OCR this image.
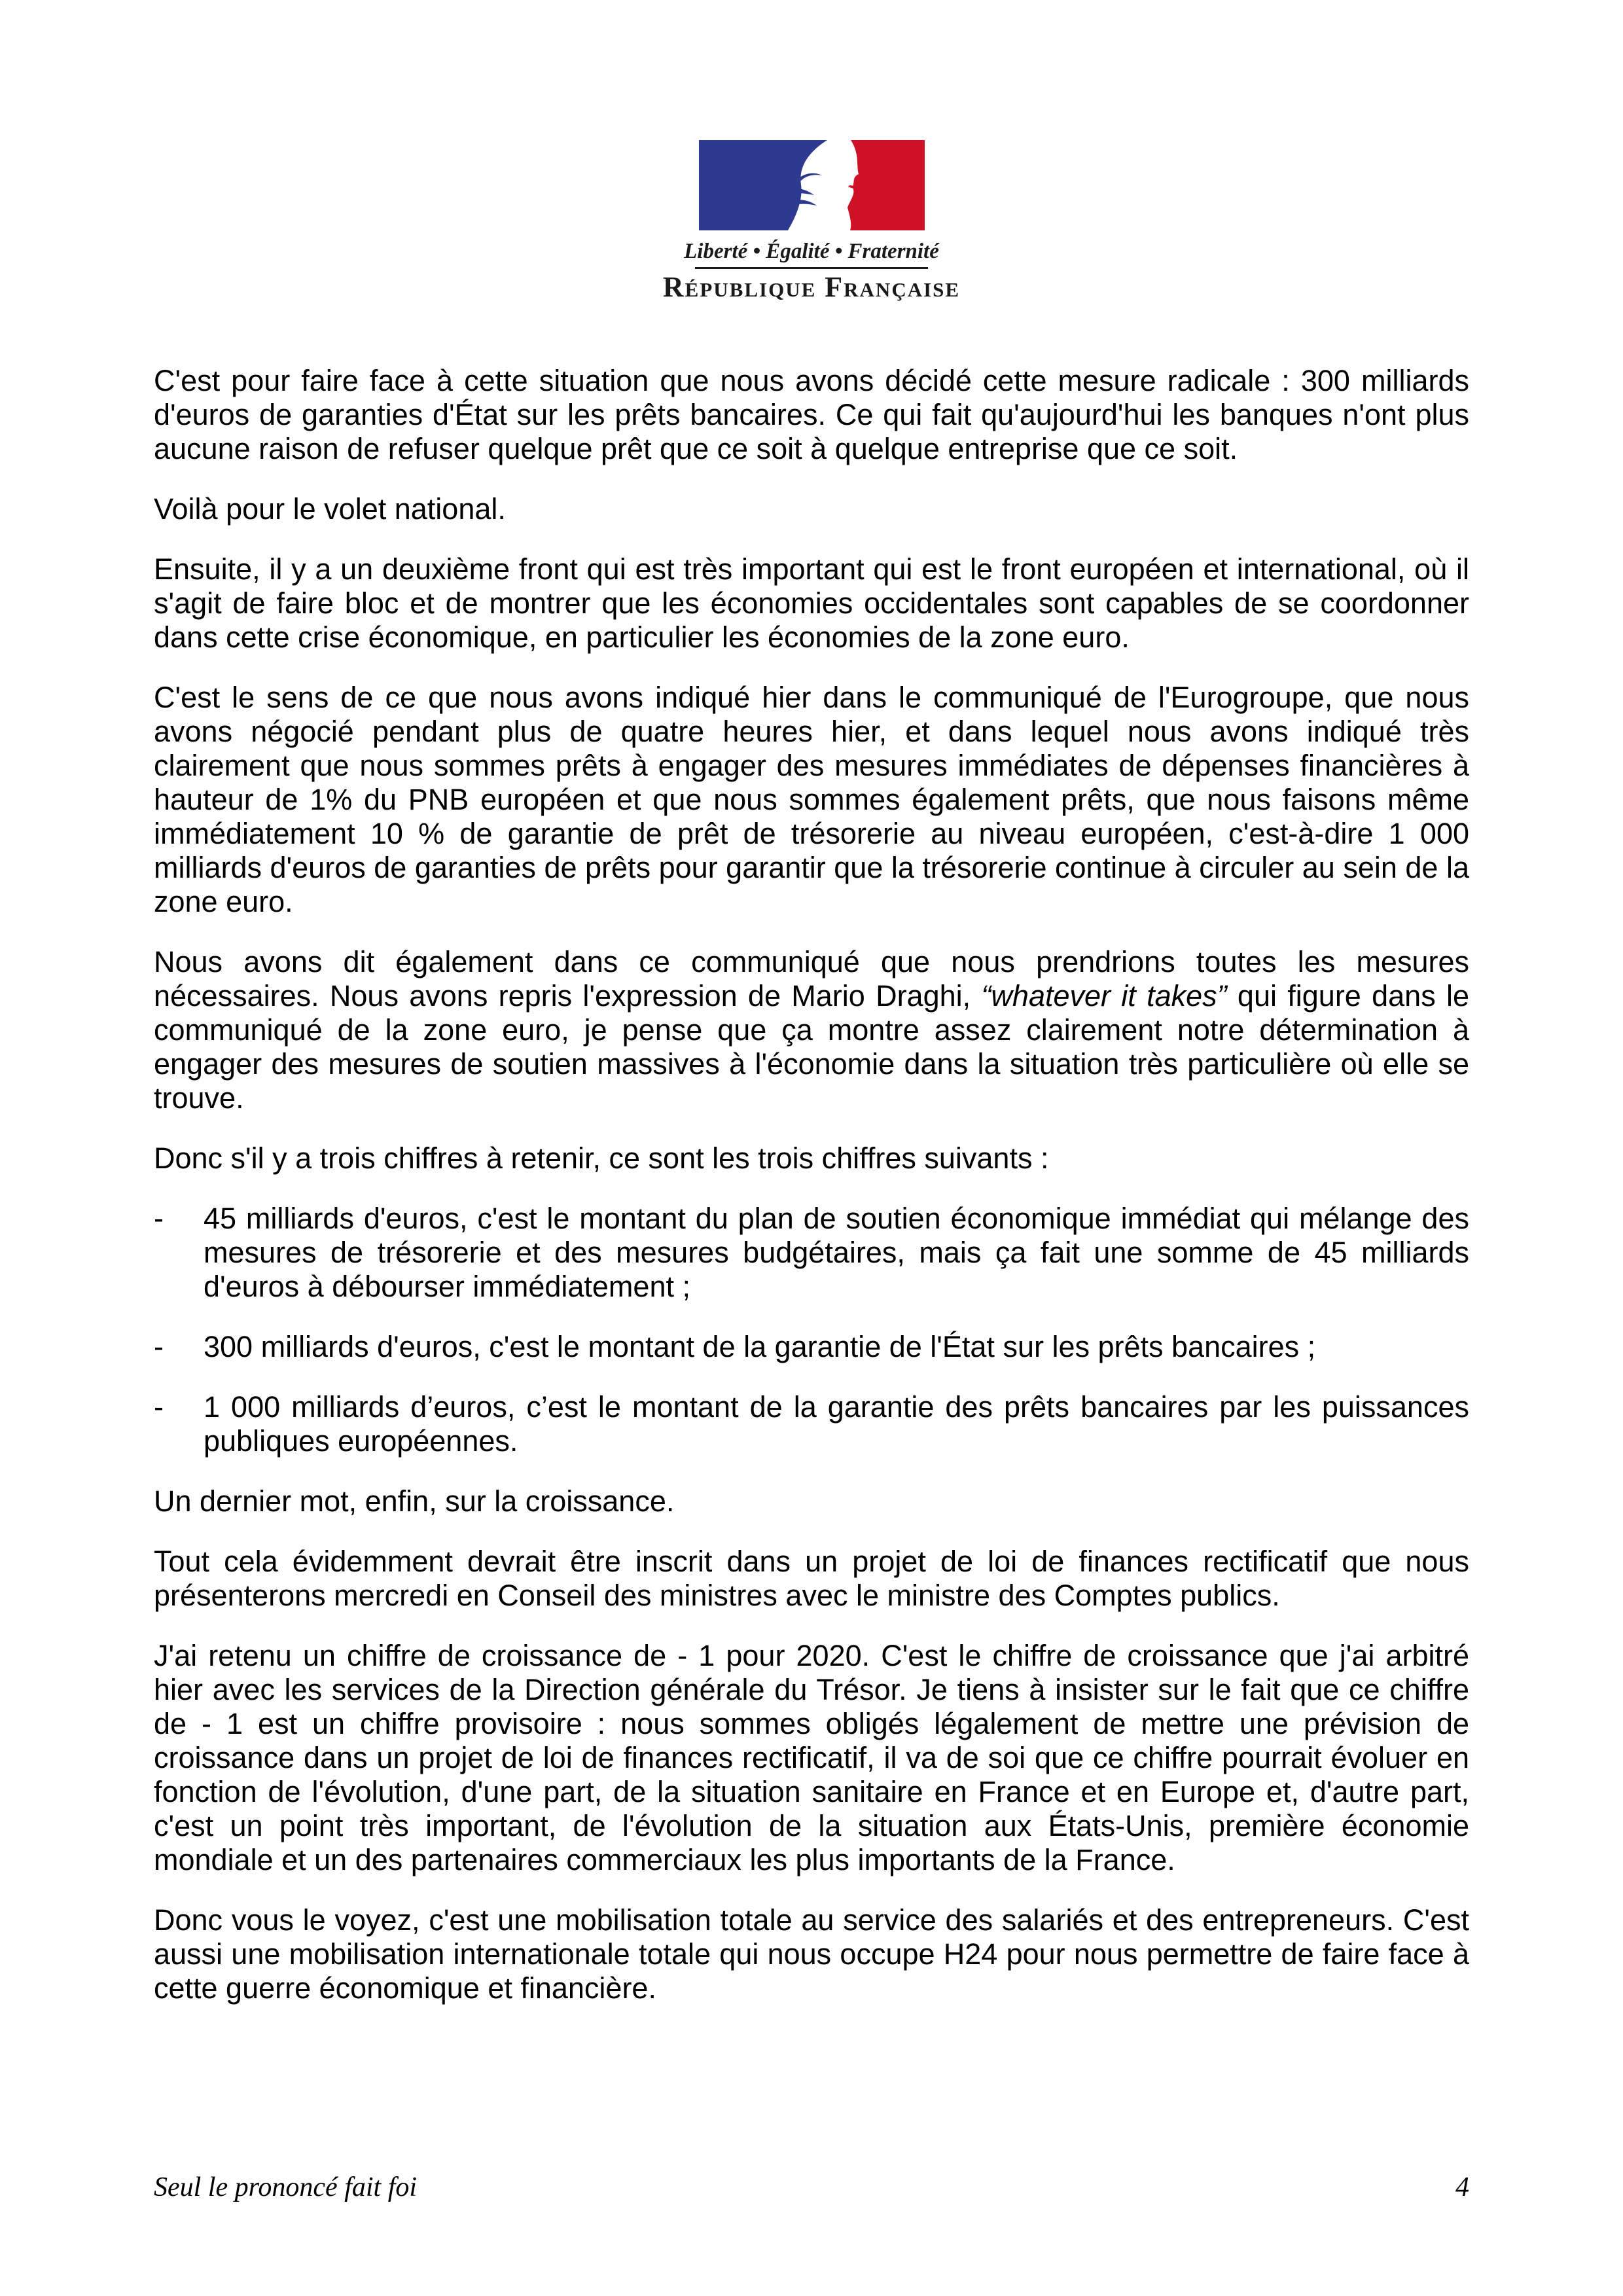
Liberté • Égalité • Fraternité
République Française

C'est pour faire face à cette situation que nous avons décidé cette mesure radicale : 300 milliards d'euros de garanties d'État sur les prêts bancaires. Ce qui fait qu'aujourd'hui les banques n'ont plus aucune raison de refuser quelque prêt que ce soit à quelque entreprise que ce soit.

Voilà pour le volet national.

Ensuite, il y a un deuxième front qui est très important qui est le front européen et international, où il s'agit de faire bloc et de montrer que les économies occidentales sont capables de se coordonner dans cette crise économique, en particulier les économies de la zone euro.

C'est le sens de ce que nous avons indiqué hier dans le communiqué de l'Eurogroupe, que nous avons négocié pendant plus de quatre heures hier, et dans lequel nous avons indiqué très clairement que nous sommes prêts à engager des mesures immédiates de dépenses financières à hauteur de 1% du PNB européen et que nous sommes également prêts, que nous faisons même immédiatement 10 % de garantie de prêt de trésorerie au niveau européen, c'est-à-dire 1 000 milliards d'euros de garanties de prêts pour garantir que la trésorerie continue à circuler au sein de la zone euro.

Nous avons dit également dans ce communiqué que nous prendrions toutes les mesures nécessaires. Nous avons repris l'expression de Mario Draghi, “whatever it takes” qui figure dans le communiqué de la zone euro, je pense que ça montre assez clairement notre détermination à engager des mesures de soutien massives à l'économie dans la situation très particulière où elle se trouve.

Donc s'il y a trois chiffres à retenir, ce sont les trois chiffres suivants :

-	45 milliards d'euros, c'est le montant du plan de soutien économique immédiat qui mélange des mesures de trésorerie et des mesures budgétaires, mais ça fait une somme de 45 milliards d'euros à débourser immédiatement ;
-	300 milliards d'euros, c'est le montant de la garantie de l'État sur les prêts bancaires ;
-	1 000 milliards d’euros, c’est le montant de la garantie des prêts bancaires par les puissances publiques européennes.

Un dernier mot, enfin, sur la croissance.

Tout cela évidemment devrait être inscrit dans un projet de loi de finances rectificatif que nous présenterons mercredi en Conseil des ministres avec le ministre des Comptes publics.

J'ai retenu un chiffre de croissance de - 1 pour 2020. C'est le chiffre de croissance que j'ai arbitré hier avec les services de la Direction générale du Trésor. Je tiens à insister sur le fait que ce chiffre de - 1 est un chiffre provisoire : nous sommes obligés légalement de mettre une prévision de croissance dans un projet de loi de finances rectificatif, il va de soi que ce chiffre pourrait évoluer en fonction de l'évolution, d'une part, de la situation sanitaire en France et en Europe et, d'autre part, c'est un point très important, de l'évolution de la situation aux États-Unis, première économie mondiale et un des partenaires commerciaux les plus importants de la France.

Donc vous le voyez, c'est une mobilisation totale au service des salariés et des entrepreneurs. C'est aussi une mobilisation internationale totale qui nous occupe H24 pour nous permettre de faire face à cette guerre économique et financière.

Seul le prononcé fait foi	4
